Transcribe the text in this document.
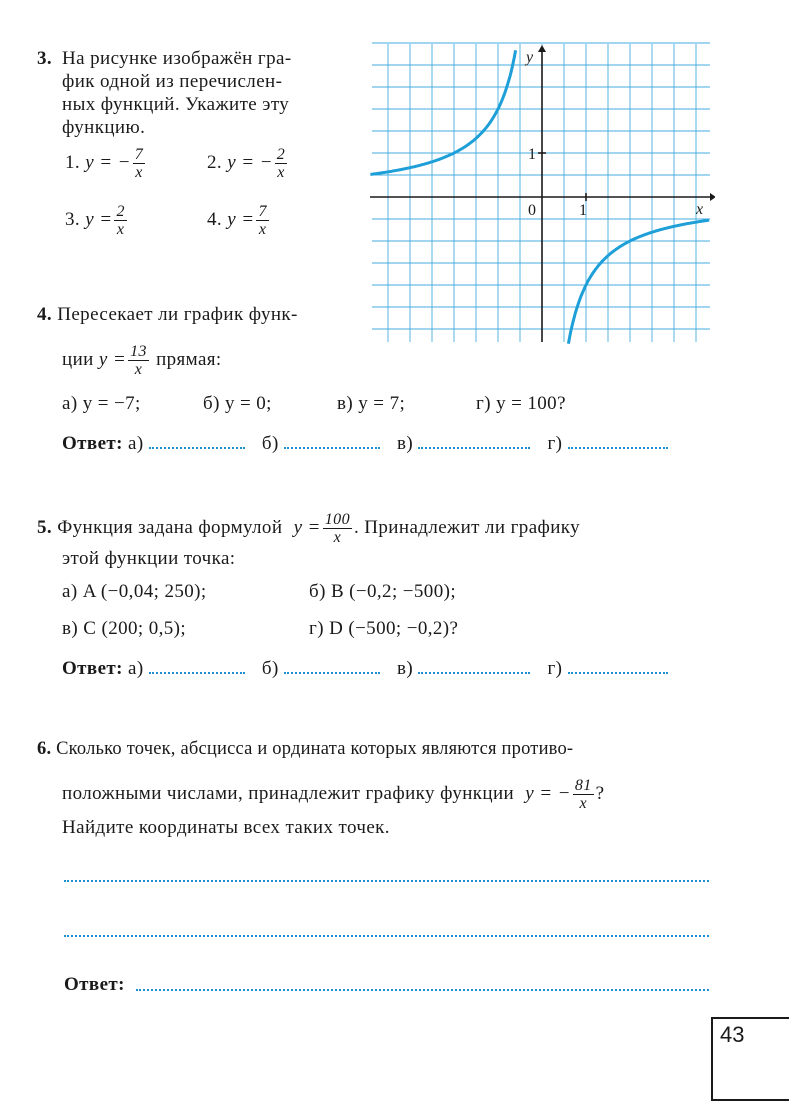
3. На рисунке изображён гра-
фик одной из перечислен-
ных функций. Укажите эту
функцию.
1. y = − $\frac{7}{x}$	2. y = − $\frac{2}{x}$
3. $y = \frac{2}{x}$	4. $y = \frac{7}{x}$
y
x
0	1
1
4. Пересекает ли график функ-
ции $y = \frac{13}{x}$ прямая:
а) y = −7;	б) y = 0;	в) y = 7;	г) y = 100?
Ответ: а)	б)	в)	г)
5. Функция задана формулой $y = \frac{100}{x}$ . Принадлежит ли графику
этой функции точка:
а) A (−0,04; 250);	б) B (−0,2; −500);
в) C (200; 0,5);	г) D (−500; −0,2)?
Ответ: а)	б)	в)	г)
6. Сколько точек, абсцисса и ордината которых являются противо-
положными числами, принадлежит графику функции y = − $\frac{81}{x}$ ?
Найдите координаты всех таких точек.
Ответ:
43
